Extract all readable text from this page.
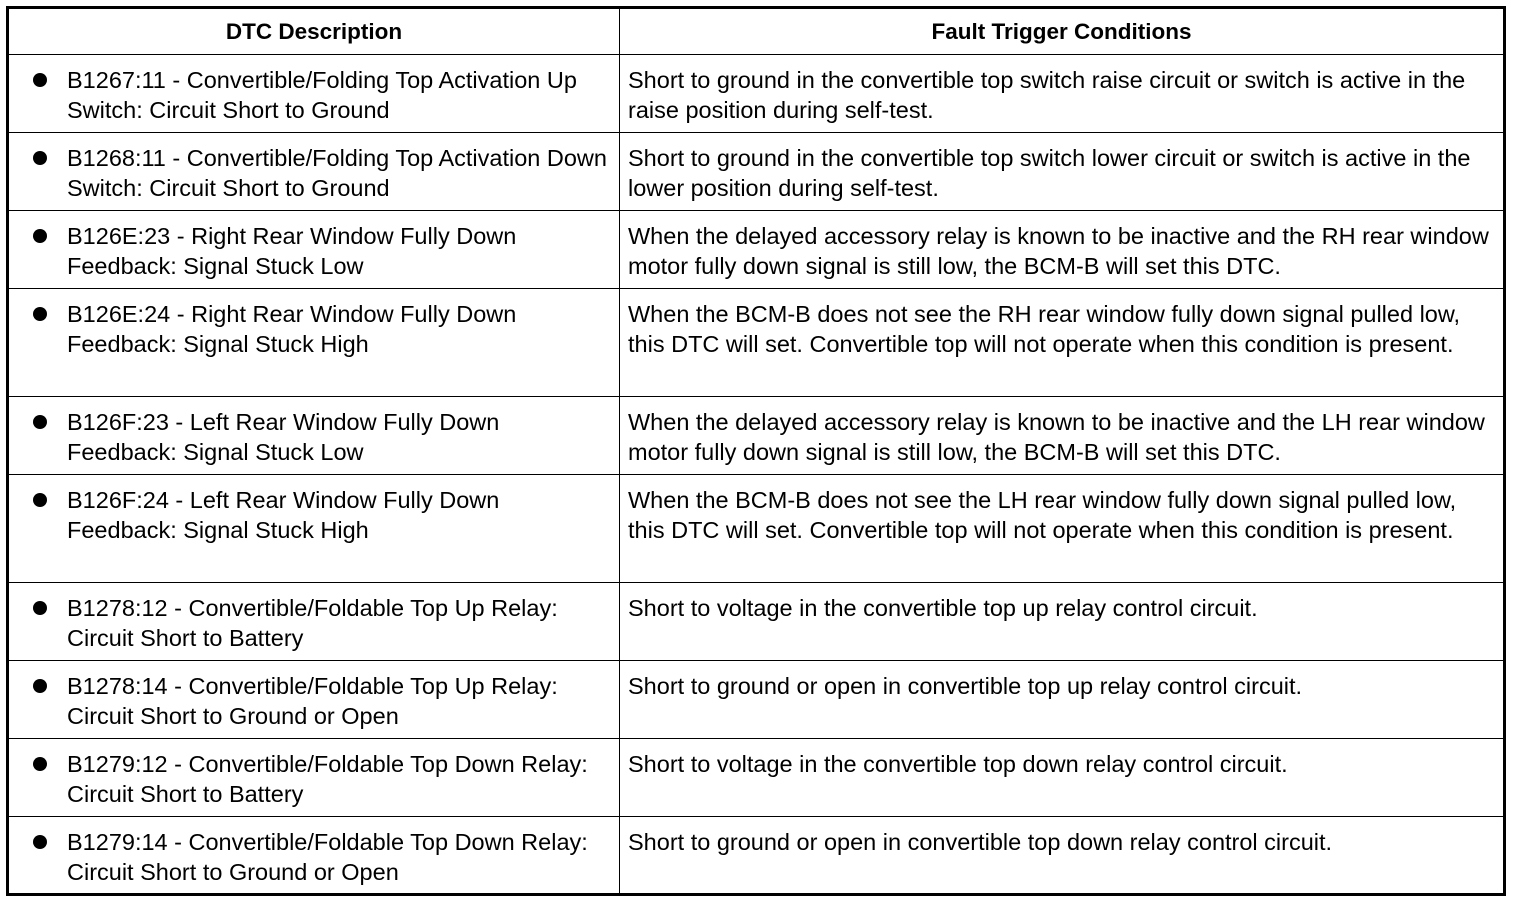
DTC Description	Fault Trigger Conditions

B1267:11 - Convertible/Folding Top Activation Up Switch: Circuit Short to Ground	Short to ground in the convertible top switch raise circuit or switch is active in the raise position during self-test.

B1268:11 - Convertible/Folding Top Activation Down Switch: Circuit Short to Ground	Short to ground in the convertible top switch lower circuit or switch is active in the lower position during self-test.

B126E:23 - Right Rear Window Fully Down Feedback: Signal Stuck Low	When the delayed accessory relay is known to be inactive and the RH rear window motor fully down signal is still low, the BCM-B will set this DTC.

B126E:24 - Right Rear Window Fully Down Feedback: Signal Stuck High	When the BCM-B does not see the RH rear window fully down signal pulled low, this DTC will set. Convertible top will not operate when this condition is present.

B126F:23 - Left Rear Window Fully Down Feedback: Signal Stuck Low	When the delayed accessory relay is known to be inactive and the LH rear window motor fully down signal is still low, the BCM-B will set this DTC.

B126F:24 - Left Rear Window Fully Down Feedback: Signal Stuck High	When the BCM-B does not see the LH rear window fully down signal pulled low, this DTC will set. Convertible top will not operate when this condition is present.

B1278:12 - Convertible/Foldable Top Up Relay: Circuit Short to Battery	Short to voltage in the convertible top up relay control circuit.

B1278:14 - Convertible/Foldable Top Up Relay: Circuit Short to Ground or Open	Short to ground or open in convertible top up relay control circuit.

B1279:12 - Convertible/Foldable Top Down Relay: Circuit Short to Battery	Short to voltage in the convertible top down relay control circuit.

B1279:14 - Convertible/Foldable Top Down Relay: Circuit Short to Ground or Open	Short to ground or open in convertible top down relay control circuit.
